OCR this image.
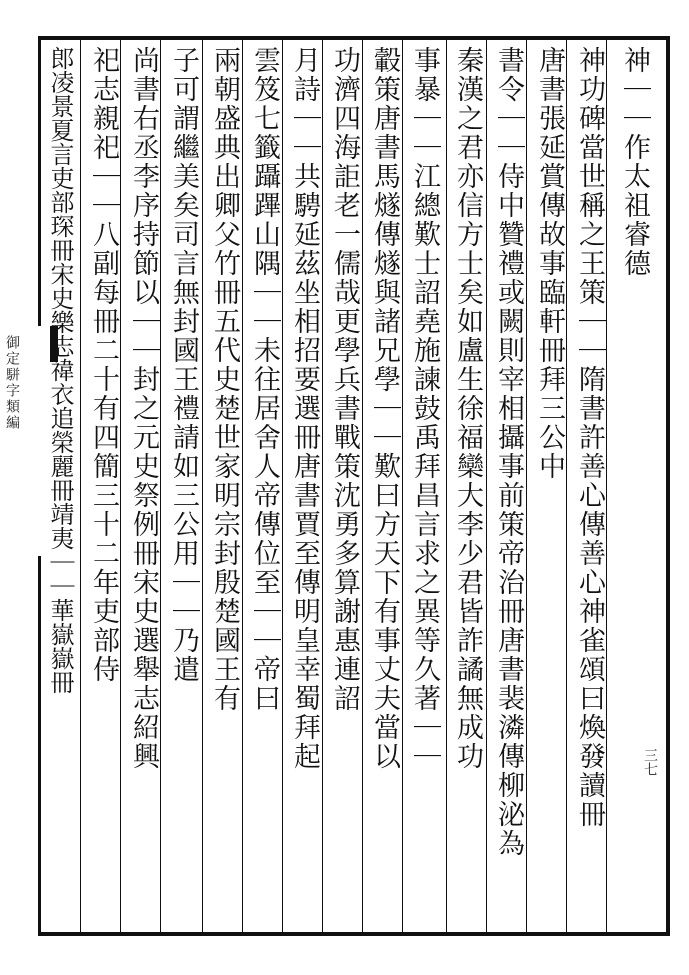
神｜｜作太祖睿德
神功碑當世稱之王策｜｜隋書許善心傳善心神雀頌曰煥發讀冊
唐書張延賞傳故事臨軒冊拜三公中
書令｜｜侍中贊禮或闕則宰相攝事前策帝治冊唐書裴潾傳柳泌為
秦漢之君亦信方士矣如盧生徐福欒大李少君皆詐譎無成功
事暴｜｜江總歎士詔堯施諫鼓禹拜昌言求之異等久著｜｜
轂策唐書馬燧傳燧與諸兄學｜｜歎曰方天下有事丈夫當以
功濟四海詎老一儒哉更學兵書戰策沈勇多算謝惠連詔
月詩｜｜共騁延茲坐相招要選冊唐書賈至傳明皇幸蜀拜起
雲笈七籤躡蹕山隅｜｜未往居舍人帝傳位至｜｜帝曰
兩朝盛典出卿父竹冊五代史楚世家明宗封殷楚國王有
子可謂繼美矣司言無封國王禮請如三公用｜｜乃遣
尚書右丞李序持節以｜｜封之元史祭例冊宋史選舉志紹興
祀志親祀｜｜八副每冊二十有四簡三十二年吏部侍
郎凌景夏言吏部琛冊宋史樂志禕衣追榮麗冊靖夷｜｜華嶽嶽冊
御定駢字類編
三七
